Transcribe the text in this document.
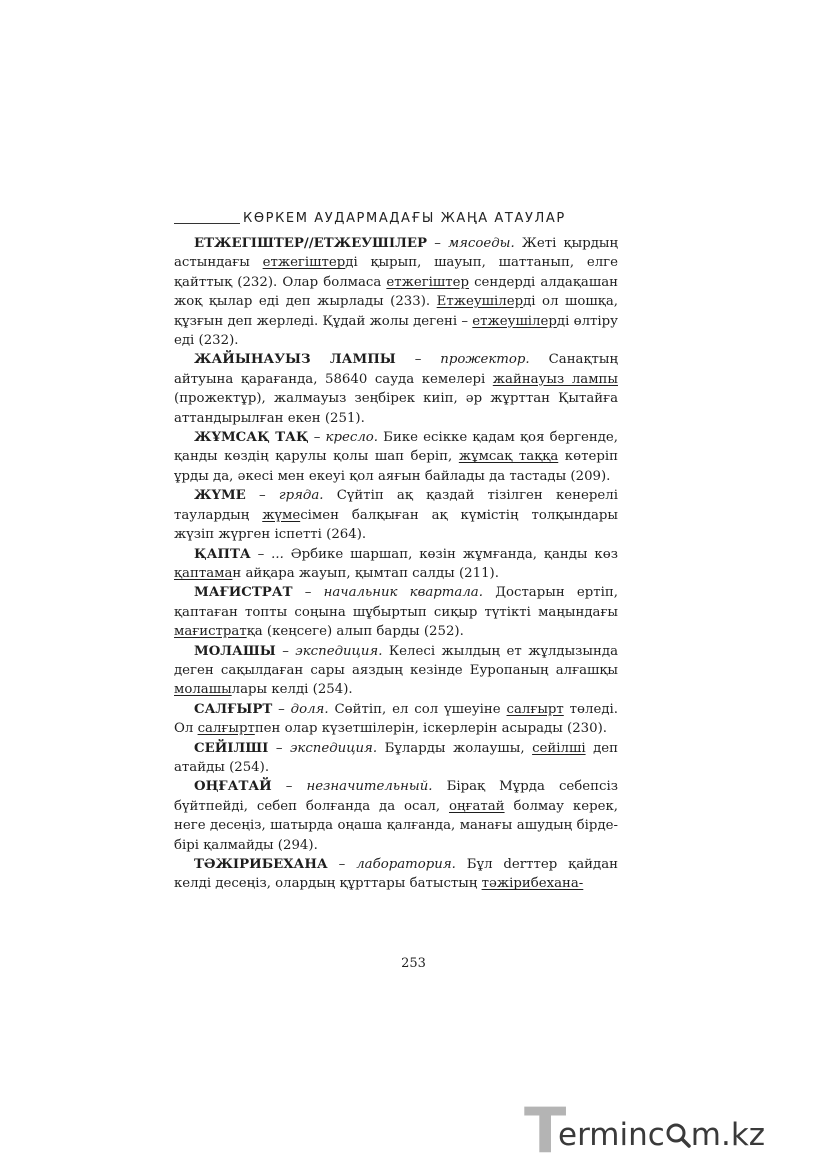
КӨРКЕМ АУДАРМАДАҒЫ ЖАҢА АТАУЛАР

ЕТЖЕГІШТЕР//ЕТЖЕУШІЛЕР – мясоеды. Жеті қырдың астындағы етжегіштерді қырып, шауып, шаттанып, елге қайттық (232). Олар болмаса етжегіштер сендерді алдақашан жоқ қылар еді деп жырлады (233). Етжеушілерді ол шошқа, құзғын деп жерледі. Құдай жолы дегені – етжеушілерді өлтіру еді (232).

ЖАЙЫНАУЫЗ ЛАМПЫ – прожектор. Санақтың айтуына қарағанда, 58640 сауда кемелері жайнауыз лампы (прожектұр), жалмауыз зеңбірек киіп, әр жұрттан Қытайға аттандырылған екен (251).

ЖҰМСАҚ ТАҚ – кресло. Бике есікке қадам қоя бергенде, қанды көздің қарулы қолы шап беріп, жұмсақ таққа көтеріп ұрды да, әкесі мен екеуі қол аяғын байлады да тастады (209).

ЖҮМЕ – гряда. Сүйтіп ақ қаздай тізілген кенерелі таулардың жүмесімен балқыған ақ күмістің толқындары жүзіп жүрген іспетті (264).

ҚАПТА – ... Әрбике шаршап, көзін жұмғанда, қанды көз қаптаман айқара жауып, қымтап салды (211).

МАҒИСТРАТ – начальник квартала. Достарын ертіп, қаптаған топты соңына шұбыртып сиқыр түтікті маңындағы мағистратқа (кеңсеге) алып барды (252).

МОЛАШЫ – экспедиция. Келесі жылдың ет жұлдызында деген сақылдаған сары аяздың кезінде Еуропаның алғашқы молашылары келді (254).

САЛҒЫРТ – доля. Сөйтіп, ел сол үшеуіне салғырт төледі. Ол салғыртпен олар күзетшілерін, іскерлерін асырады (230).

СЕЙІЛШІ – экспедиция. Бұларды жолаушы, сейілші деп атайды (254).

ОҢҒАТАЙ – незначительный. Бірақ Мұрда себепсіз бүйтпейді, себеп болғанда да осал, оңғатай болмау керек, неге десеңіз, шатырда оңаша қалғанда, манағы ашудың бірде-бірі қалмайды (294).

ТӘЖІРИБЕХАНА – лаборатория. Бұл derттер қайдан келді десеңіз, олардың құрттары батыстың тәжірибехана-

253
T
erminc m.kz
